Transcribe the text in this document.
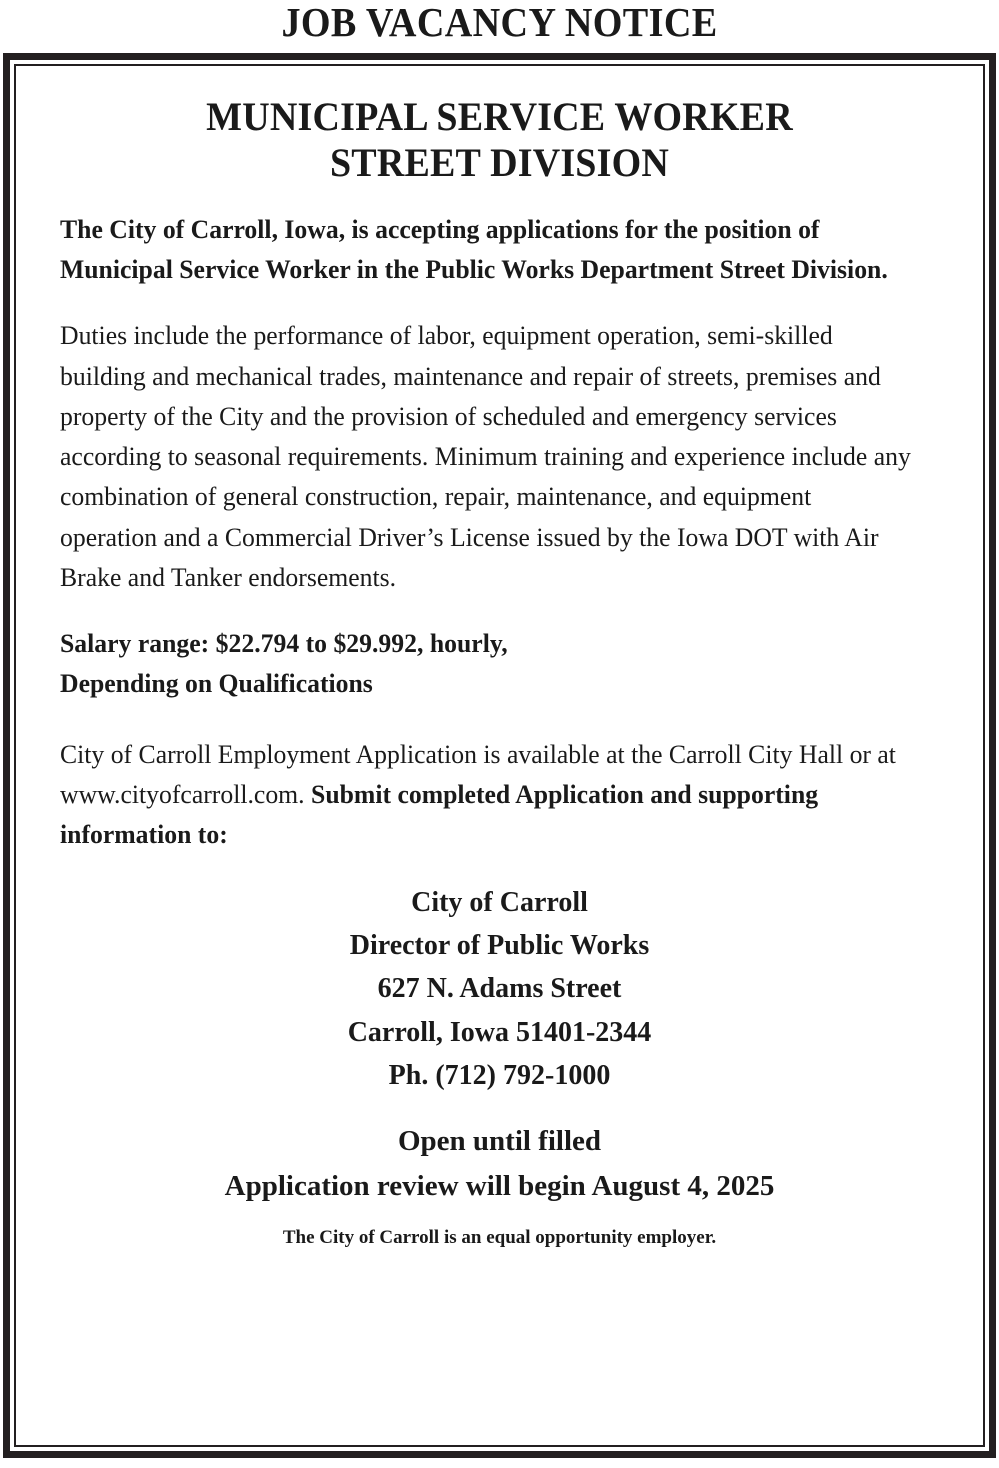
JOB VACANCY NOTICE
MUNICIPAL SERVICE WORKER
STREET DIVISION

The City of Carroll, Iowa, is accepting applications for the position of Municipal Service Worker in the Public Works Department Street Division.

Duties include the performance of labor, equipment operation, semi-skilled building and mechanical trades, maintenance and repair of streets, premises and property of the City and the provision of scheduled and emergency services according to seasonal requirements. Minimum training and experience include any combination of general construction, repair, maintenance, and equipment operation and a Commercial Driver’s License issued by the Iowa DOT with Air Brake and Tanker endorsements.

Salary range: $22.794 to $29.992, hourly,
Depending on Qualifications

City of Carroll Employment Application is available at the Carroll City Hall or at www.cityofcarroll.com. Submit completed Application and supporting information to:

City of Carroll
Director of Public Works
627 N. Adams Street
Carroll, Iowa 51401-2344
Ph. (712) 792-1000
Open until filled
Application review will begin August 4, 2025
The City of Carroll is an equal opportunity employer.
